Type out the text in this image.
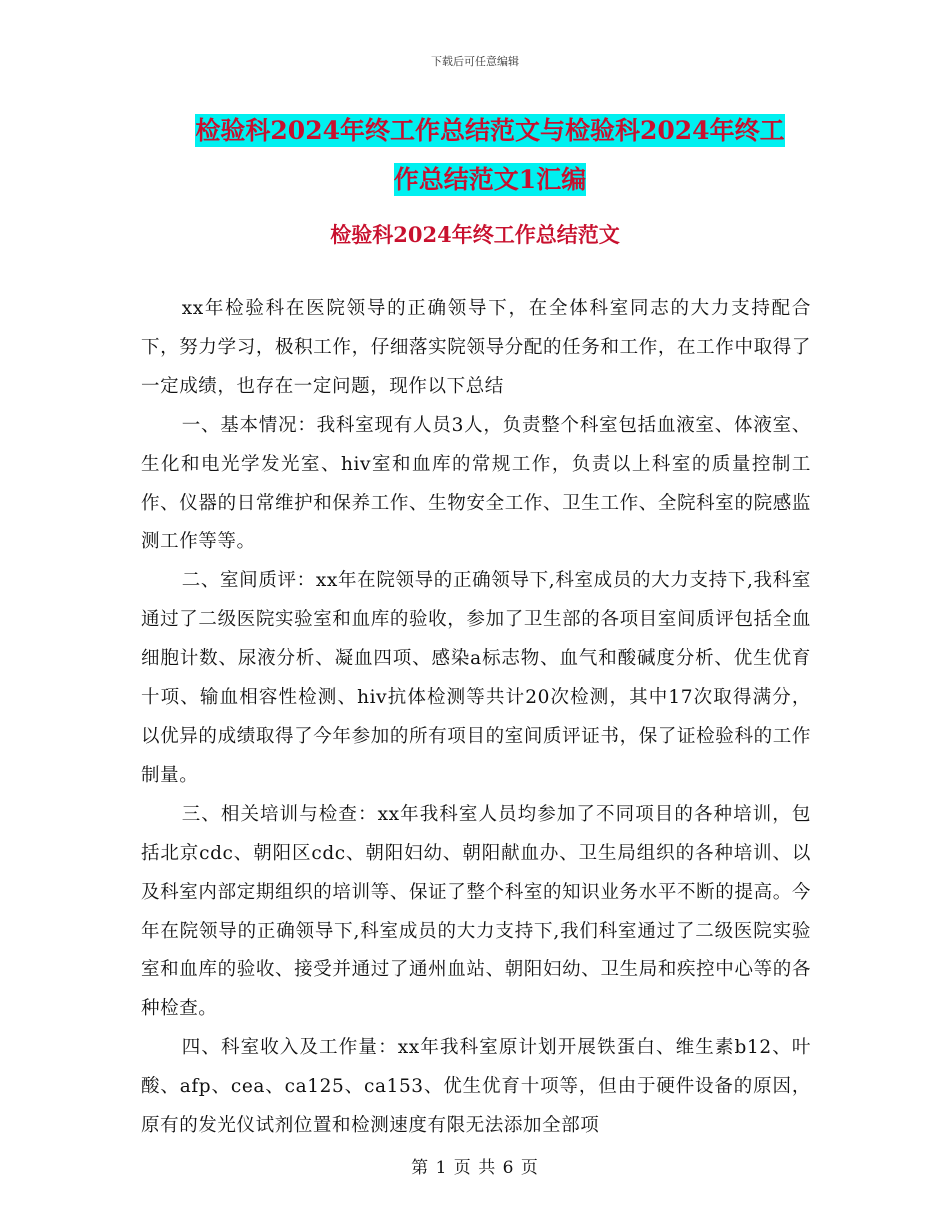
下载后可任意编辑
检验科2024年终工作总结范文与检验科2024年终工
作总结范文1汇编
检验科2024年终工作总结范文

xx年检验科在医院领导的正确领导下，在全体科室同志的大力支持配合下，努力学习，极积工作，仔细落实院领导分配的任务和工作，在工作中取得了一定成绩，也存在一定问题，现作以下总结

一、基本情况：我科室现有人员3人，负责整个科室包括血液室、体液室、生化和电光学发光室、hiv室和血库的常规工作，负责以上科室的质量控制工作、仪器的日常维护和保养工作、生物安全工作、卫生工作、全院科室的院感监测工作等等。

二、室间质评：xx年在院领导的正确领导下,科室成员的大力支持下,我科室通过了二级医院实验室和血库的验收，参加了卫生部的各项目室间质评包括全血细胞计数、尿液分析、凝血四项、感染a标志物、血气和酸碱度分析、优生优育十项、输血相容性检测、hiv抗体检测等共计20次检测，其中17次取得满分，以优异的成绩取得了今年参加的所有项目的室间质评证书，保了证检验科的工作制量。

三、相关培训与检查：xx年我科室人员均参加了不同项目的各种培训，包括北京cdc、朝阳区cdc、朝阳妇幼、朝阳献血办、卫生局组织的各种培训、以及科室内部定期组织的培训等、保证了整个科室的知识业务水平不断的提高。今年在院领导的正确领导下,科室成员的大力支持下,我们科室通过了二级医院实验室和血库的验收、接受并通过了通州血站、朝阳妇幼、卫生局和疾控中心等的各种检查。

四、科室收入及工作量：xx年我科室原计划开展铁蛋白、维生素b12、叶酸、afp、cea、ca125、ca153、优生优育十项等，但由于硬件设备的原因，原有的发光仪试剂位置和检测速度有限无法添加全部项

第 1 页 共 6 页
